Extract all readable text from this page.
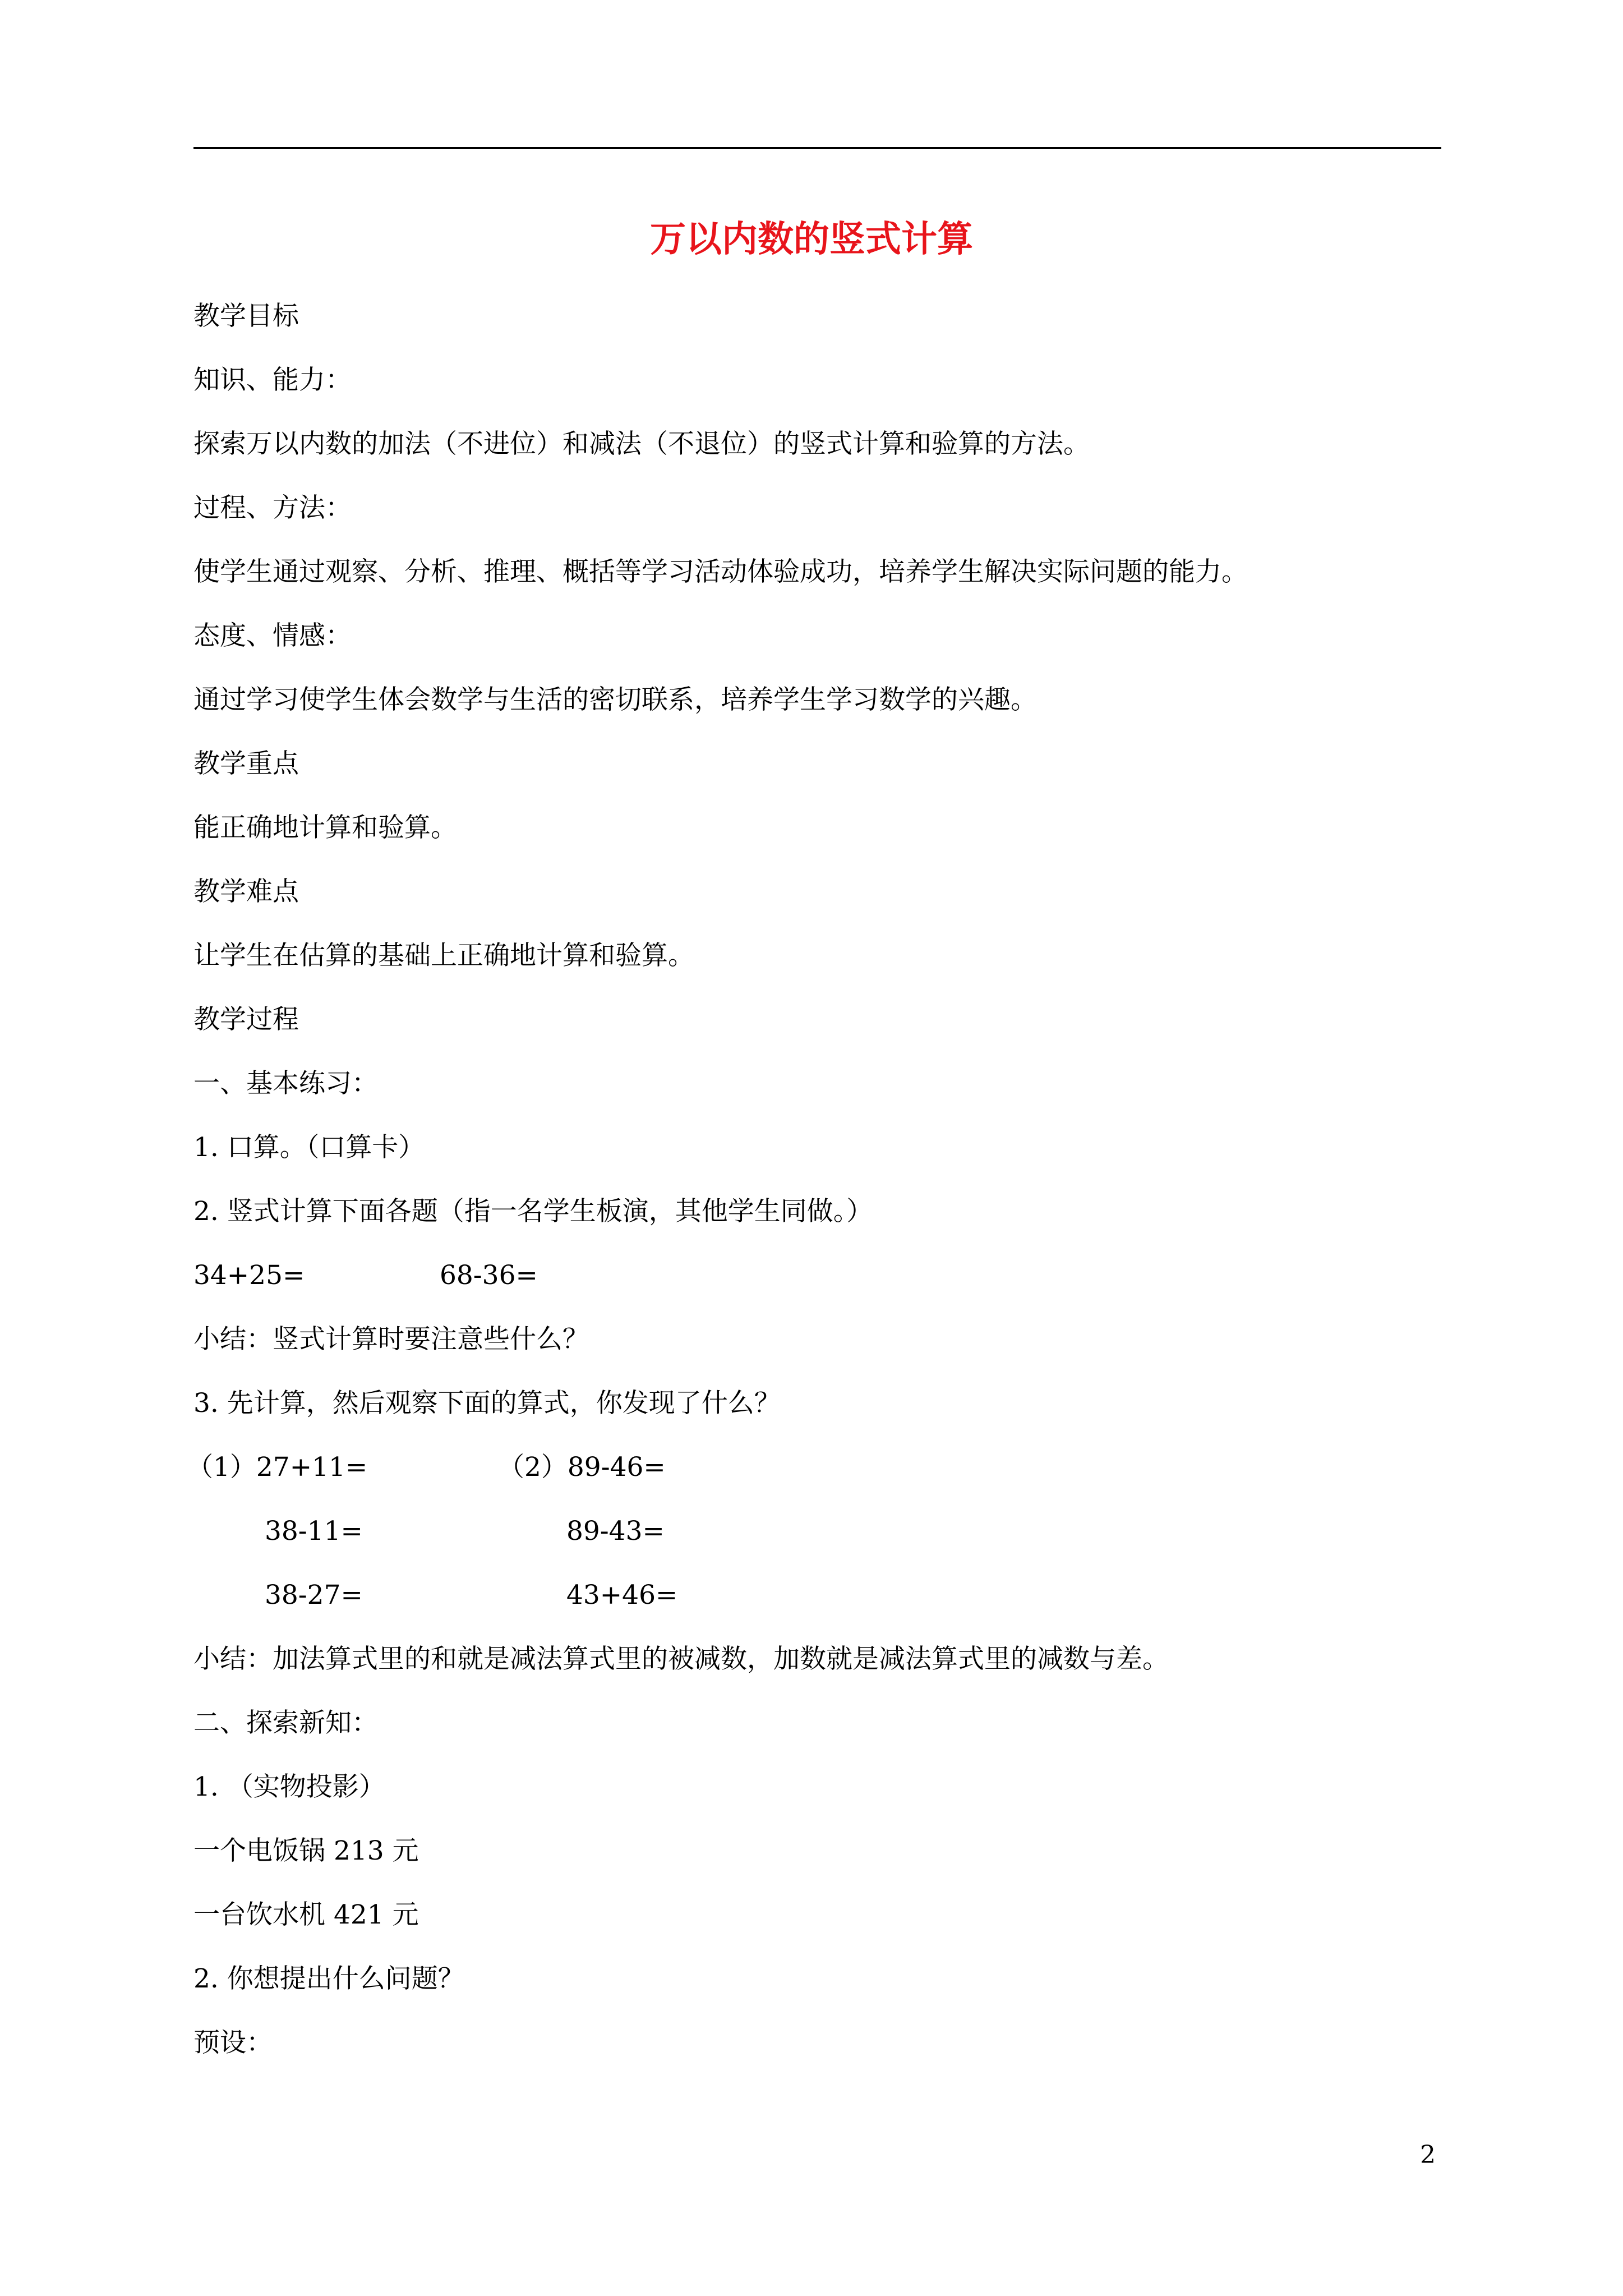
万以内数的竖式计算
教学目标
知识、能力：
探索万以内数的加法（不进位）和减法（不退位）的竖式计算和验算的方法。
过程、方法：
使学生通过观察、分析、推理、概括等学习活动体验成功，培养学生解决实际问题的能力。
态度、情感：
通过学习使学生体会数学与生活的密切联系，培养学生学习数学的兴趣。
教学重点
能正确地计算和验算。
教学难点
让学生在估算的基础上正确地计算和验算。
教学过程
一、基本练习：
1. 口算。（口算卡）
2. 竖式计算下面各题（指一名学生板演，其他学生同做。）
34+25=	68-36=
小结：竖式计算时要注意些什么？
3. 先计算，然后观察下面的算式，你发现了什么？
（1）27+11=	（2）89-46=
38-11=	89-43=
38-27=	43+46=
小结：加法算式里的和就是减法算式里的被减数，加数就是减法算式里的减数与差。
二、探索新知：
1. （实物投影）
一个电饭锅 213 元
一台饮水机 421 元
2. 你想提出什么问题？
预设：
2
